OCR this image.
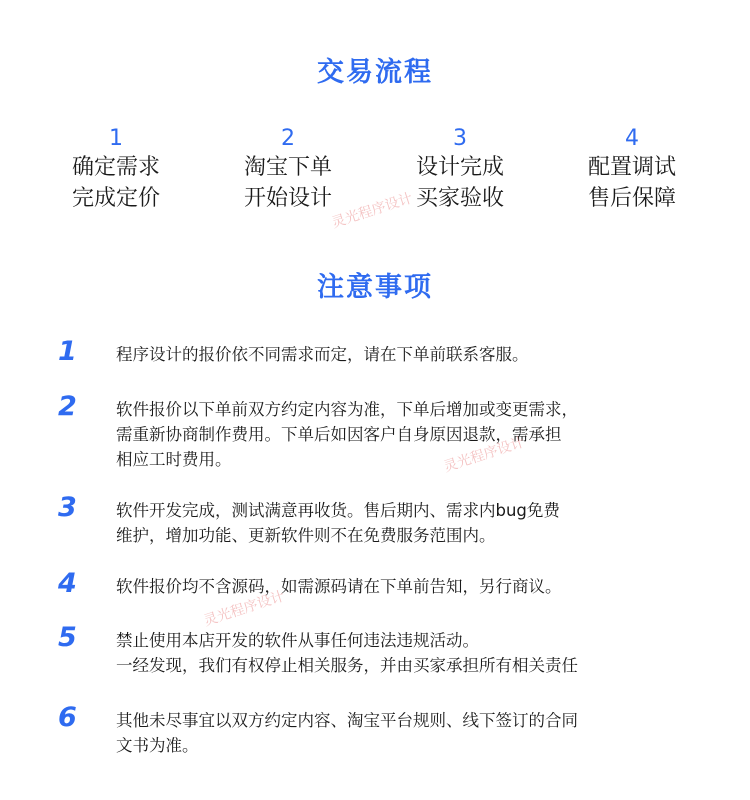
交易流程
1
确定需求
完成定价
2
淘宝下单
开始设计
3
设计完成
买家验收
4
配置调试
售后保障
注意事项
1	程序设计的报价依不同需求而定，请在下单前联系客服。
2	软件报价以下单前双方约定内容为准，下单后增加或变更需求，
需重新协商制作费用。下单后如因客户自身原因退款，需承担
相应工时费用。
3	软件开发完成，测试满意再收货。售后期内、需求内bug免费
维护，增加功能、更新软件则不在免费服务范围内。
4	软件报价均不含源码，如需源码请在下单前告知，另行商议。
5	禁止使用本店开发的软件从事任何违法违规活动。
一经发现，我们有权停止相关服务，并由买家承担所有相关责任
6	其他未尽事宜以双方约定内容、淘宝平台规则、线下签订的合同
文书为准。
灵光程序设计
灵光程序设计
灵光程序设计
